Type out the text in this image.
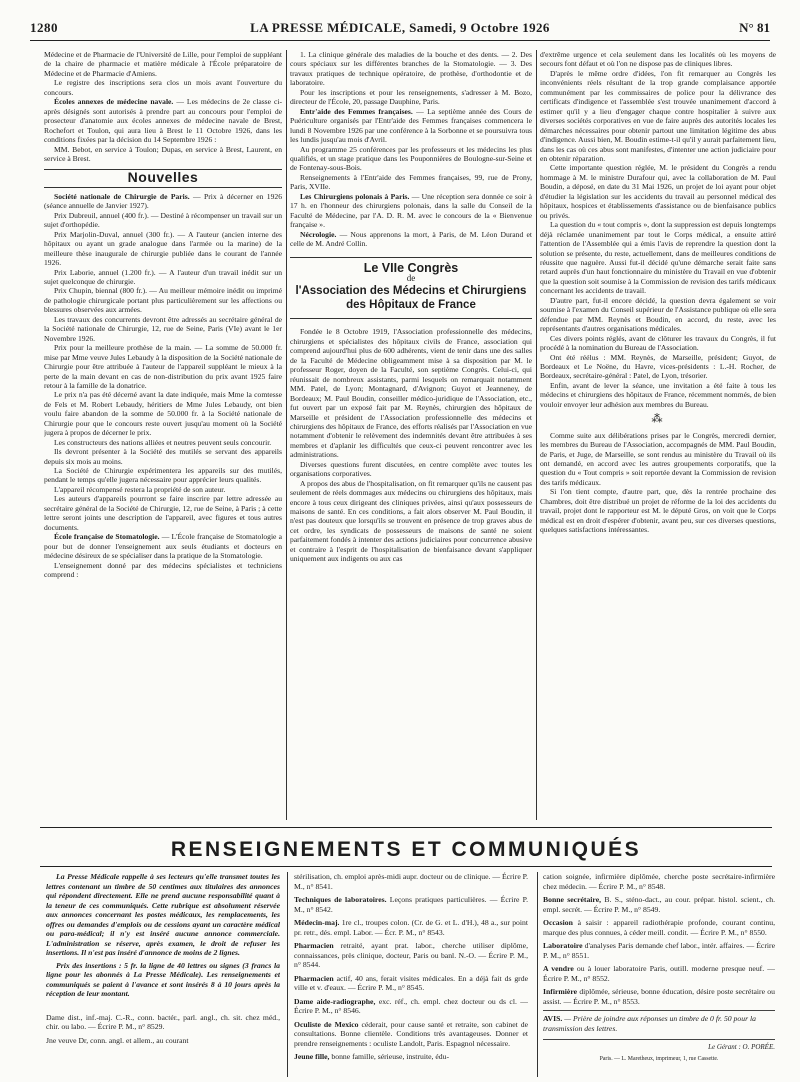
1280	LA PRESSE MÉDICALE, Samedi, 9 Octobre 1926	N° 81

Médecine et de Pharmacie de l'Université de Lille, pour l'emploi de suppléant de la chaire de pharmacie et matière médicale à l'École préparatoire de Médecine et de Pharmacie d'Amiens.

Le registre des inscriptions sera clos un mois avant l'ouverture du concours.

Écoles annexes de médecine navale. — Les médecins de 2e classe ci-après désignés sont autorisés à prendre part au concours pour l'emploi de prosecteur d'anatomie aux écoles annexes de médecine navale de Brest, Rochefort et Toulon, qui aura lieu à Brest le 11 Octobre 1926, dans les conditions fixées par la décision du 14 Septembre 1926 :

MM. Bebot, en service à Toulon; Dupas, en service à Brest, Laurent, en service à Brest.

Nouvelles

Société nationale de Chirurgie de Paris. — Prix à décerner en 1926 (séance annuelle de Janvier 1927).

Prix Dubreuil, annuel (400 fr.). — Destiné à récompenser un travail sur un sujet d'orthopédie.

Prix Marjolin-Duval, annuel (300 fr.). — A l'auteur (ancien interne des hôpitaux ou ayant un grade analogue dans l'armée ou la marine) de la meilleure thèse inaugurale de chirurgie publiée dans le courant de l'année 1926.

Prix Laborie, annuel (1.200 fr.). — A l'auteur d'un travail inédit sur un sujet quelconque de chirurgie.

Prix Chupin, biennal (800 fr.). — Au meilleur mémoire inédit ou imprimé de pathologie chirurgicale portant plus particulièrement sur les affections ou blessures observées aux armées.

Les travaux des concurrents devront être adressés au secrétaire général de la Société nationale de Chirurgie, 12, rue de Seine, Paris (VIe) avant le 1er Novembre 1926.

Prix pour la meilleure prothèse de la main. — La somme de 50.000 fr. mise par Mme veuve Jules Lebaudy à la disposition de la Société nationale de Chirurgie pour être attribuée à l'auteur de l'appareil suppléant le mieux à la perte de la main devant en cas de non-distribution du prix avant 1925 faire retour à la famille de la donatrice.

Le prix n'a pas été décerné avant la date indiquée, mais Mme la comtesse de Fels et M. Robert Lebaudy, héritiers de Mme Jules Lebaudy, ont bien voulu faire abandon de la somme de 50.000 fr. à la Société nationale de Chirurgie pour que le concours reste ouvert jusqu'au moment où la Société jugera à propos de décerner le prix.

Les constructeurs des nations alliées et neutres peuvent seuls concourir.

Ils devront présenter à la Société des mutilés se servant des appareils depuis six mois au moins.

La Société de Chirurgie expérimentera les appareils sur des mutilés, pendant le temps qu'elle jugera nécessaire pour apprécier leurs qualités.

L'appareil récompensé restera la propriété de son auteur.

Les auteurs d'appareils pourront se faire inscrire par lettre adressée au secrétaire général de la Société de Chirurgie, 12, rue de Seine, à Paris ; à cette lettre seront joints une description de l'appareil, avec figures et tous autres documents.

École française de Stomatologie. — L'École française de Stomatologie a pour but de donner l'enseignement aux seuls étudiants et docteurs en médecine désireux de se spécialiser dans la pratique de la Stomatologie.

L'enseignement donné par des médecins spécialistes et techniciens comprend :

1. La clinique générale des maladies de la bouche et des dents. — 2. Des cours spéciaux sur les différentes branches de la Stomatologie. — 3. Des travaux pratiques de technique opératoire, de prothèse, d'orthodontie et de laboratoire.

Pour les inscriptions et pour les renseignements, s'adresser à M. Bozo, directeur de l'École, 20, passage Dauphine, Paris.

Entr'aide des Femmes françaises. — La septième année des Cours de Puériculture organisés par l'Entr'aide des Femmes françaises commencera le lundi 8 Novembre 1926 par une conférence à la Sorbonne et se poursuivra tous les lundis jusqu'au mois d'Avril.

Au programme 25 conférences par les professeurs et les médecins les plus qualifiés, et un stage pratique dans les Pouponnières de Boulogne-sur-Seine et de Fontenay-sous-Bois.

Renseignements à l'Entr'aide des Femmes françaises, 99, rue de Prony, Paris, XVIIe.

Les Chirurgiens polonais à Paris. — Une réception sera donnée ce soir à 17 h. en l'honneur des chirurgiens polonais, dans la salle du Conseil de la Faculté de Médecine, par l'A. D. R. M. avec le concours de la « Bienvenue française ».

Nécrologie. — Nous apprenons la mort, à Paris, de M. Léon Durand et celle de M. André Collin.

Le VIIe Congrès
de
l'Association des Médecins et Chirurgiens des Hôpitaux de France

Fondée le 8 Octobre 1919, l'Association professionnelle des médecins, chirurgiens et spécialistes des hôpitaux civils de France, association qui comprend aujourd'hui plus de 600 adhérents, vient de tenir dans une des salles de la Faculté de Médecine obligeamment mise à sa disposition par M. le professeur Roger, doyen de la Faculté, son septième Congrès. Celui-ci, qui réunissait de nombreux assistants, parmi lesquels on remarquait notamment MM. Patel, de Lyon; Montagnard, d'Avignon; Guyot et Jeanneney, de Bordeaux; M. Paul Boudin, conseiller médico-juridique de l'Association, etc., fut ouvert par un exposé fait par M. Reynès, chirurgien des hôpitaux de Marseille et président de l'Association professionnelle des médecins et chirurgiens des hôpitaux de France, des efforts réalisés par l'Association en vue notamment d'obtenir le relèvement des indemnités devant être attribuées à ses membres et d'aplanir les difficultés que ceux-ci peuvent rencontrer avec les administrations.

Diverses questions furent discutées, en centre complète avec toutes les organisations corporatives.

A propos des abus de l'hospitalisation, on fit remarquer qu'ils ne causent pas seulement de réels dommages aux médecins ou chirurgiens des hôpitaux, mais encore à tous ceux dirigeant des cliniques privées, ainsi qu'aux possesseurs de maisons de santé. En ces conditions, a fait alors observer M. Paul Boudin, il n'est pas douteux que lorsqu'ils se trouvent en présence de trop graves abus de cet ordre, les syndicats de possesseurs de maisons de santé ne soient parfaitement fondés à intenter des actions judiciaires pour concurrence abusive et contraire à l'esprit de l'hospitalisation de bienfaisance devant s'appliquer uniquement aux indigents ou aux cas

d'extrême urgence et cela seulement dans les localités où les moyens de secours font défaut et où l'on ne dispose pas de cliniques libres.

D'après le même ordre d'idées, l'on fit remarquer au Congrès les inconvénients réels résultant de la trop grande complaisance apportée communément par les commissaires de police pour la délivrance des certificats d'indigence et l'assemblée s'est trouvée unanimement d'accord à estimer qu'il y a lieu d'engager chaque contre hospitalier à suivre aux diverses sociétés corporatives en vue de faire auprès des autorités locales les démarches nécessaires pour obtenir partout une limitation légitime des abus d'indigence. Aussi bien, M. Boudin estime-t-il qu'il y aurait parfaitement lieu, dans les cas où ces abus sont manifestes, d'intenter une action judiciaire pour en obtenir réparation.

Cette importante question réglée, M. le président du Congrès a rendu hommage à M. le ministre Durafour qui, avec la collaboration de M. Paul Boudin, a déposé, en date du 31 Mai 1926, un projet de loi ayant pour objet d'étudier la législation sur les accidents du travail au personnel médical des hôpitaux, hospices et établissements d'assistance ou de bienfaisance publics ou privés.

La question du « tout compris », dont la suppression est depuis longtemps déjà réclamée unanimement par tout le Corps médical, a ensuite attiré l'attention de l'Assemblée qui a émis l'avis de reprendre la question dont la solution se présente, du reste, actuellement, dans de meilleures conditions de réussite que naguère. Aussi fut-il décidé qu'une démarche serait faite sans retard auprès d'un haut fonctionnaire du ministère du Travail en vue d'obtenir que la question soit soumise à la Commission de revision des tarifs médicaux concernant les accidents de travail.

D'autre part, fut-il encore décidé, la question devra également se voir soumise à l'examen du Conseil supérieur de l'Assistance publique où elle sera défendue par MM. Reynès et Boudin, en accord, du reste, avec les représentants d'autres organisations médicales.

Ces divers points réglés, avant de clôturer les travaux du Congrès, il fut procédé à la nomination du Bureau de l'Association.

Ont été réélus : MM. Reynès, de Marseille, président; Guyot, de Bordeaux et Le Noëne, du Havre, vices-présidents : L.-H. Rocher, de Bordeaux, secrétaire-général : Patel, de Lyon, trésorier.

Enfin, avant de lever la séance, une invitation a été faite à tous les médecins et chirurgiens des hôpitaux de France, récemment nommés, de bien vouloir envoyer leur adhésion aux membres du Bureau.

⁂

Comme suite aux délibérations prises par le Congrès, mercredi dernier, les membres du Bureau de l'Association, accompagnés de MM. Paul Boudin, de Paris, et Juge, de Marseille, se sont rendus au ministère du Travail où ils ont demandé, en accord avec les autres groupements corporatifs, que la question du « Tout compris » soit reportée devant la Commission de revision des tarifs médicaux.

Si l'on tient compte, d'autre part, que, dès la rentrée prochaine des Chambres, doit être distribué un projet de réforme de la loi des accidents du travail, projet dont le rapporteur est M. le député Gros, on voit que le Corps médical est en droit d'espérer d'obtenir, avant peu, sur ces diverses questions, quelques satisfactions intéressantes.

RENSEIGNEMENTS ET COMMUNIQUÉS

La Presse Médicale rappelle à ses lecteurs qu'elle transmet toutes les lettres contenant un timbre de 50 centimes aux titulaires des annonces qui répondent directement. Elle ne prend aucune responsabilité quant à la teneur de ces communiqués. Cette rubrique est absolument réservée aux annonces concernant les postes médicaux, les remplacements, les offres ou demandes d'emplois ou de cessions ayant un caractère médical ou para-médical; il n'y est inséré aucune annonce commerciale. L'administration se réserve, après examen, le droit de refuser les insertions. Il n'est pas inséré d'annonce de moins de 2 lignes.

Prix des insertions : 5 fr. la ligne de 40 lettres ou signes (3 francs la ligne pour les abonnés à La Presse Médicale). Les renseignements et communiqués se paient à l'avance et sont insérés 8 à 10 jours après la réception de leur montant.

Dame dist., inf.-maj. C.-R., conn. bactér., parl. angl., ch. sit. chez méd., chir. ou labo. — Écrire P. M., n° 8529.

Jne veuve Dr, conn. angl. et allem., au courant

stérilisation, ch. emploi après-midi aupr. docteur ou de clinique. — Écrire P. M., n° 8541.

Techniques de laboratoires. Leçons pratiques particulières. — Écrire P. M., n° 8542.

Médecin-maj. 1re cl., troupes colon. (Cr. de G. et L. d'H.), 48 a., sur point pr. retr., dés. empl. Labor. — Écr. P. M., n° 8543.

Pharmacien retraité, ayant prat. labor., cherche utiliser diplôme, connaissances, près clinique, docteur, Paris ou banl. N.-O. — Écrire P. M., n° 8544.

Pharmacien actif, 40 ans, ferait visites médicales. En a déjà fait ds grde ville et v. d'eaux. — Écrire P. M., n° 8545.

Dame aide-radiographe, exc. réf., ch. empl. chez docteur ou ds cl. — Écrire P. M., n° 8546.

Oculiste de Mexico céderait, pour cause santé et retraite, son cabinet de consultations. Bonne clientèle. Conditions très avantageuses. Donner et prendre renseignements : oculiste Landolt, Paris. Espagnol nécessaire.

Jeune fille, bonne famille, sérieuse, instruite, édu-

cation soignée, infirmière diplômée, cherche poste secrétaire-infirmière chez médecin. — Écrire P. M., n° 8548.

Bonne secrétaire, B. S., sténo-dact., au cour. prépar. histol. scient., ch. empl. secrét. — Écrire P. M., n° 8549.

Occasion à saisir : appareil radiothérapie profonde, courant continu, marque des plus connues, à céder meill. condit. — Écrire P. M., n° 8550.

Laboratoire d'analyses Paris demande chef labor., intér. affaires. — Écrire P. M., n° 8551.

A vendre ou à louer laboratoire Paris, outill. moderne presque neuf. — Écrire P. M., n° 8552.

Infirmière diplômée, sérieuse, bonne éducation, désire poste secrétaire ou assist. — Écrire P. M., n° 8553.

AVIS. — Prière de joindre aux réponses un timbre de 0 fr. 50 pour la transmission des lettres.

Le Gérant : O. PORÉE.
Paris. — L. Maretheux, imprimeur, 1, rue Cassette.
